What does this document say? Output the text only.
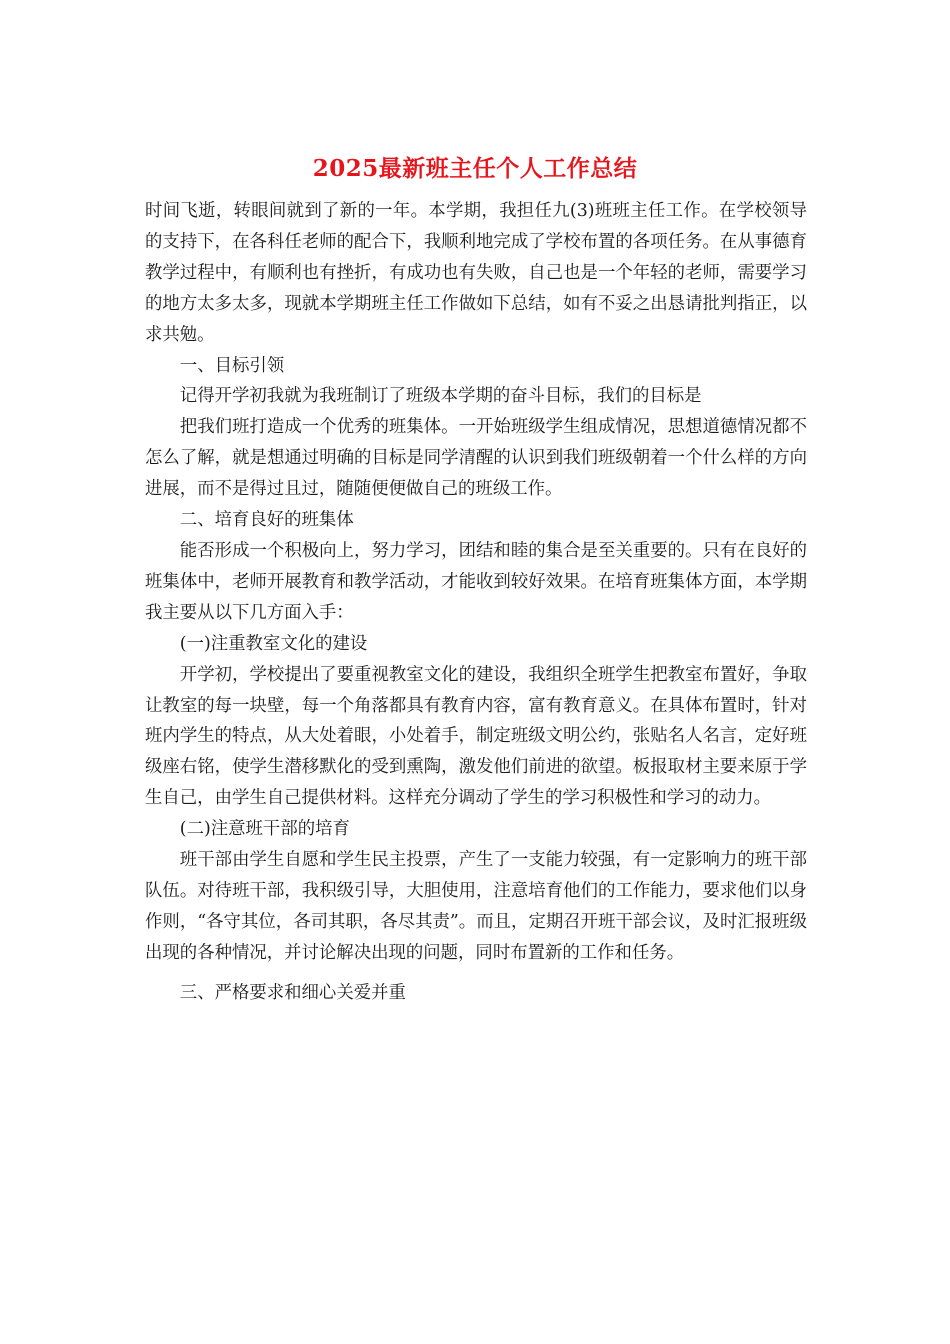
2025最新班主任个人工作总结

时间飞逝，转眼间就到了新的一年。本学期，我担任九(3)班班主任工作。在学校领导的支持下，在各科任老师的配合下，我顺利地完成了学校布置的各项任务。在从事德育教学过程中，有顺利也有挫折，有成功也有失败，自己也是一个年轻的老师，需要学习的地方太多太多，现就本学期班主任工作做如下总结，如有不妥之出恳请批判指正，以求共勉。

一、目标引领

记得开学初我就为我班制订了班级本学期的奋斗目标，我们的目标是

把我们班打造成一个优秀的班集体。一开始班级学生组成情况，思想道德情况都不怎么了解，就是想通过明确的目标是同学清醒的认识到我们班级朝着一个什么样的方向进展，而不是得过且过，随随便便做自己的班级工作。

二、培育良好的班集体

能否形成一个积极向上，努力学习，团结和睦的集合是至关重要的。只有在良好的班集体中，老师开展教育和教学活动，才能收到较好效果。在培育班集体方面，本学期我主要从以下几方面入手：

(一)注重教室文化的建设

开学初，学校提出了要重视教室文化的建设，我组织全班学生把教室布置好，争取让教室的每一块壁，每一个角落都具有教育内容，富有教育意义。在具体布置时，针对班内学生的特点，从大处着眼，小处着手，制定班级文明公约，张贴名人名言，定好班级座右铭，使学生潜移默化的受到熏陶，激发他们前进的欲望。板报取材主要来原于学生自己，由学生自己提供材料。这样充分调动了学生的学习积极性和学习的动力。

(二)注意班干部的培育

班干部由学生自愿和学生民主投票，产生了一支能力较强，有一定影响力的班干部队伍。对待班干部，我积级引导，大胆使用，注意培育他们的工作能力，要求他们以身作则，“各守其位，各司其职，各尽其责”。而且，定期召开班干部会议，及时汇报班级出现的各种情况，并讨论解决出现的问题，同时布置新的工作和任务。

三、严格要求和细心关爱并重
